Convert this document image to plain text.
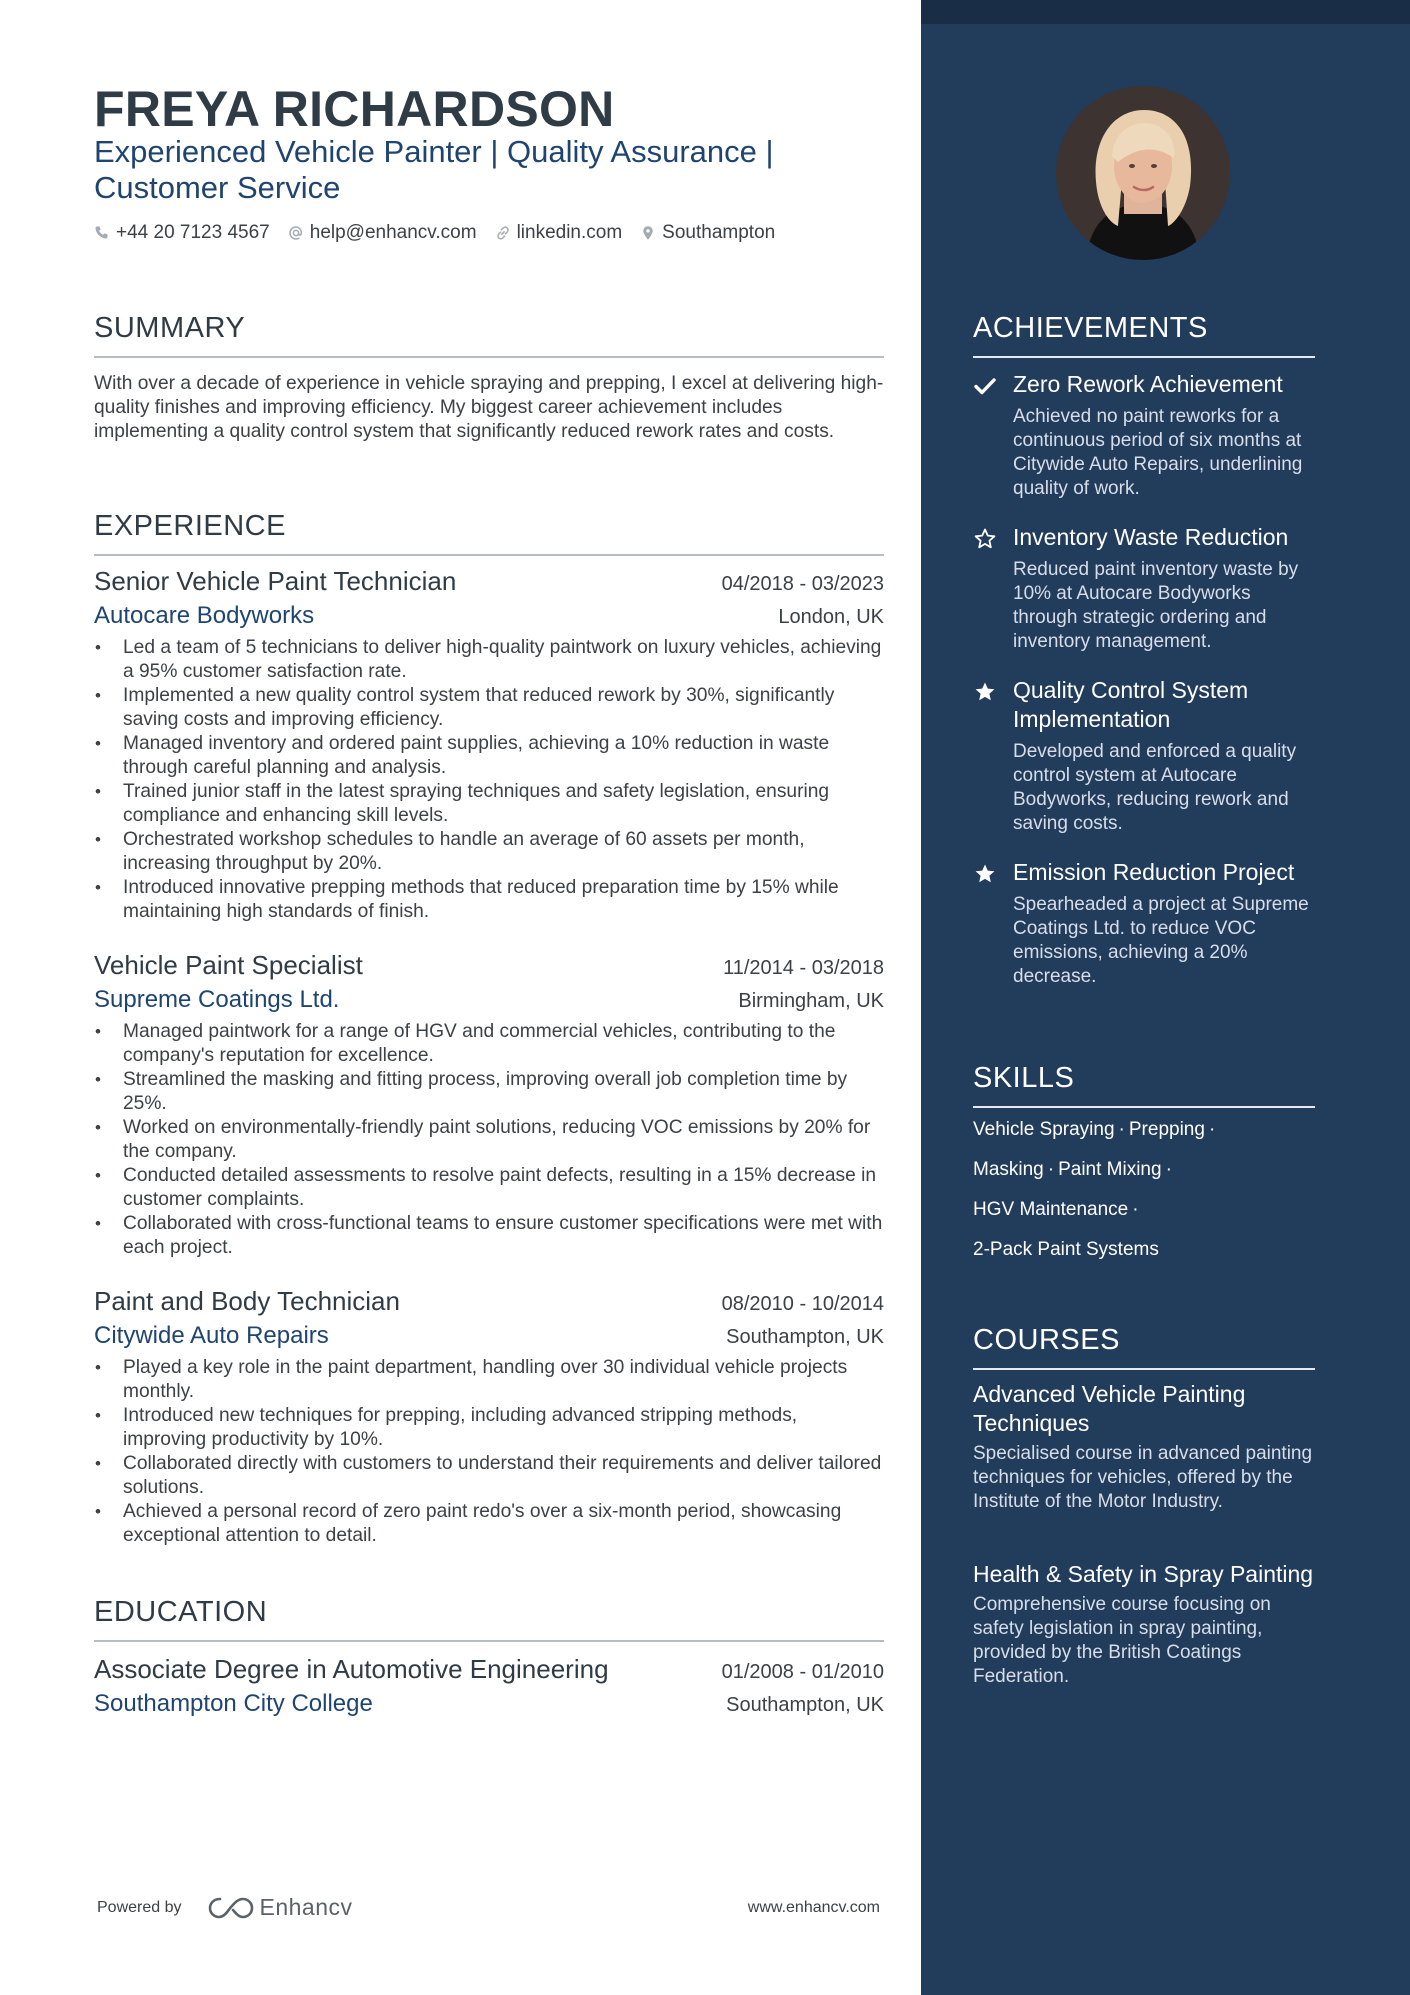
FREYA RICHARDSON
Experienced Vehicle Painter | Quality Assurance | Customer Service
+44 20 7123 4567 help@enhancv.com linkedin.com Southampton
SUMMARY
With over a decade of experience in vehicle spraying and prepping, I excel at delivering high-quality finishes and improving efficiency. My biggest career achievement includes implementing a quality control system that significantly reduced rework rates and costs.
EXPERIENCE
Senior Vehicle Paint Technician	04/2018 - 03/2023
Autocare Bodyworks	London, UK
• Led a team of 5 technicians to deliver high-quality paintwork on luxury vehicles, achieving a 95% customer satisfaction rate.
• Implemented a new quality control system that reduced rework by 30%, significantly saving costs and improving efficiency.
• Managed inventory and ordered paint supplies, achieving a 10% reduction in waste through careful planning and analysis.
• Trained junior staff in the latest spraying techniques and safety legislation, ensuring compliance and enhancing skill levels.
• Orchestrated workshop schedules to handle an average of 60 assets per month, increasing throughput by 20%.
• Introduced innovative prepping methods that reduced preparation time by 15% while maintaining high standards of finish.
Vehicle Paint Specialist	11/2014 - 03/2018
Supreme Coatings Ltd.	Birmingham, UK
• Managed paintwork for a range of HGV and commercial vehicles, contributing to the company's reputation for excellence.
• Streamlined the masking and fitting process, improving overall job completion time by 25%.
• Worked on environmentally-friendly paint solutions, reducing VOC emissions by 20% for the company.
• Conducted detailed assessments to resolve paint defects, resulting in a 15% decrease in customer complaints.
• Collaborated with cross-functional teams to ensure customer specifications were met with each project.
Paint and Body Technician	08/2010 - 10/2014
Citywide Auto Repairs	Southampton, UK
• Played a key role in the paint department, handling over 30 individual vehicle projects monthly.
• Introduced new techniques for prepping, including advanced stripping methods, improving productivity by 10%.
• Collaborated directly with customers to understand their requirements and deliver tailored solutions.
• Achieved a personal record of zero paint redo's over a six-month period, showcasing exceptional attention to detail.
EDUCATION
Associate Degree in Automotive Engineering	01/2008 - 01/2010
Southampton City College	Southampton, UK
Powered by	Enhancv	www.enhancv.com
ACHIEVEMENTS
Zero Rework Achievement
Achieved no paint reworks for a continuous period of six months at Citywide Auto Repairs, underlining quality of work.
Inventory Waste Reduction
Reduced paint inventory waste by 10% at Autocare Bodyworks through strategic ordering and inventory management.
Quality Control System Implementation
Developed and enforced a quality control system at Autocare Bodyworks, reducing rework and saving costs.
Emission Reduction Project
Spearheaded a project at Supreme Coatings Ltd. to reduce VOC emissions, achieving a 20% decrease.
SKILLS
Vehicle Spraying · Prepping ·
Masking · Paint Mixing ·
HGV Maintenance ·
2-Pack Paint Systems
COURSES
Advanced Vehicle Painting Techniques
Specialised course in advanced painting techniques for vehicles, offered by the Institute of the Motor Industry.
Health & Safety in Spray Painting
Comprehensive course focusing on safety legislation in spray painting, provided by the British Coatings Federation.
